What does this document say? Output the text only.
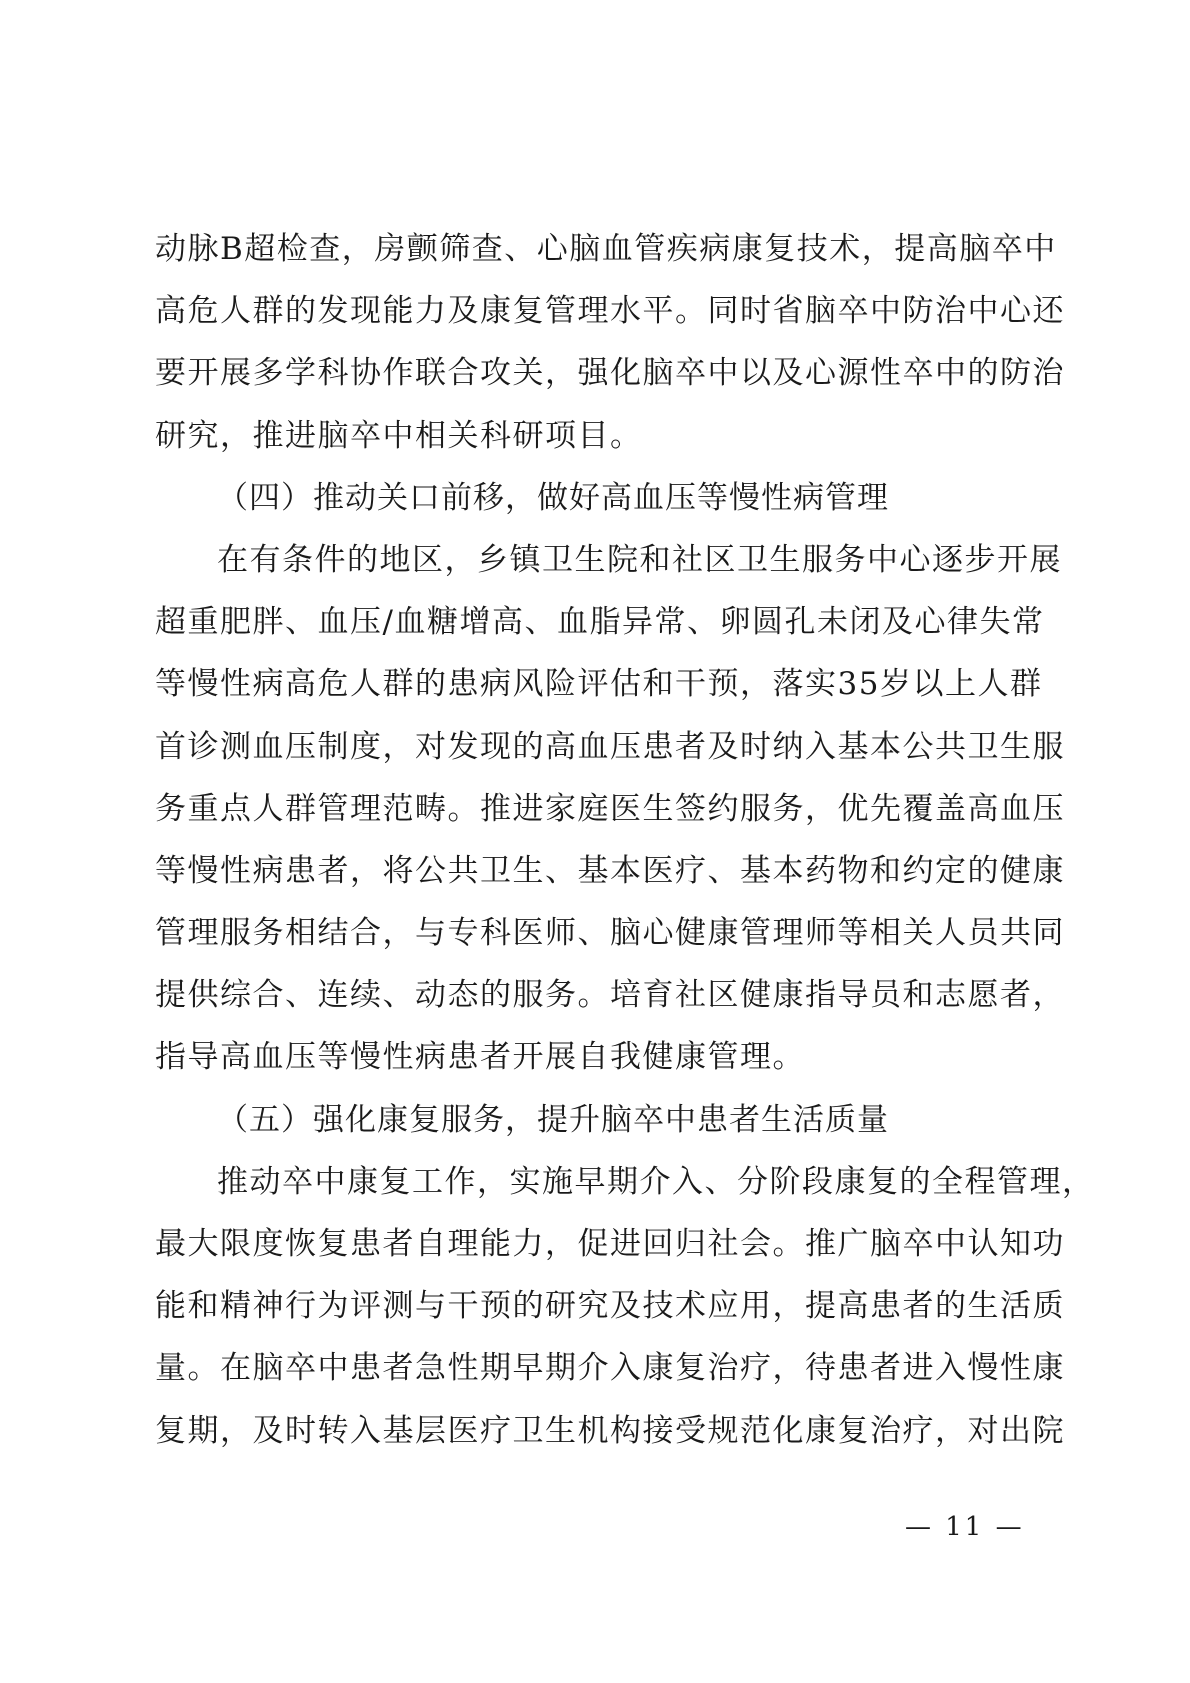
动脉B超检查，房颤筛查、心脑血管疾病康复技术，提高脑卒中
高危人群的发现能力及康复管理水平。同时省脑卒中防治中心还
要开展多学科协作联合攻关，强化脑卒中以及心源性卒中的防治
研究，推进脑卒中相关科研项目。
（四）推动关口前移，做好高血压等慢性病管理
在有条件的地区，乡镇卫生院和社区卫生服务中心逐步开展
超重肥胖、血压/血糖增高、血脂异常、卵圆孔未闭及心律失常
等慢性病高危人群的患病风险评估和干预，落实35岁以上人群
首诊测血压制度，对发现的高血压患者及时纳入基本公共卫生服
务重点人群管理范畴。推进家庭医生签约服务，优先覆盖高血压
等慢性病患者，将公共卫生、基本医疗、基本药物和约定的健康
管理服务相结合，与专科医师、脑心健康管理师等相关人员共同
提供综合、连续、动态的服务。培育社区健康指导员和志愿者，
指导高血压等慢性病患者开展自我健康管理。
（五）强化康复服务，提升脑卒中患者生活质量
推动卒中康复工作，实施早期介入、分阶段康复的全程管理，
最大限度恢复患者自理能力，促进回归社会。推广脑卒中认知功
能和精神行为评测与干预的研究及技术应用，提高患者的生活质
量。在脑卒中患者急性期早期介入康复治疗，待患者进入慢性康
复期，及时转入基层医疗卫生机构接受规范化康复治疗，对出院
— 11 —
